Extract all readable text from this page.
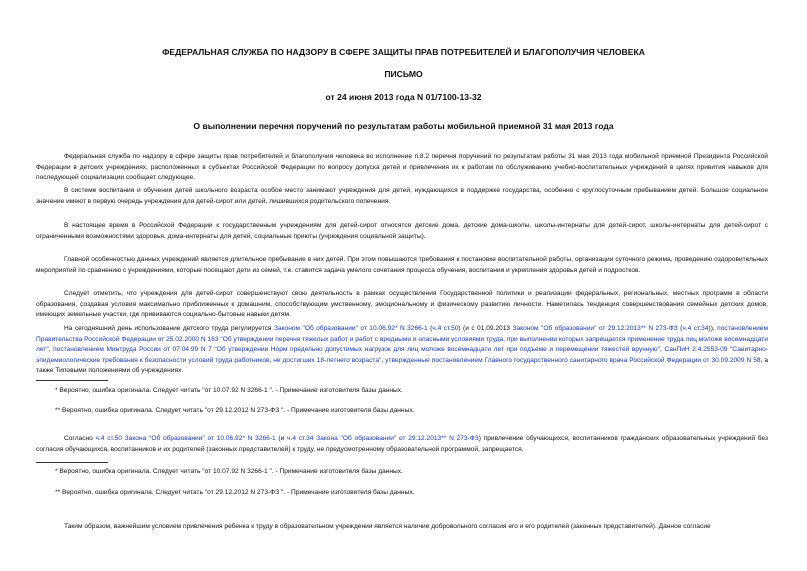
ФЕДЕРАЛЬНАЯ СЛУЖБА ПО НАДЗОРУ В СФЕРЕ ЗАЩИТЫ ПРАВ ПОТРЕБИТЕЛЕЙ И БЛАГОПОЛУЧИЯ ЧЕЛОВЕКА
ПИСЬМО
от 24 июня 2013 года N 01/7100-13-32
О выполнении перечня поручений по результатам работы мобильной приемной 31 мая 2013 года

Федеральная служба по надзору в сфере защиты прав потребителей и благополучия человека во исполнение п.8.2 перечня поручений по результатам работы 31 мая 2013 года мобильной приемной Президента Российской Федерации в детских учреждениях, расположенных в субъектах Российской Федерации по вопросу допуска детей и привлечения их к работам по обслуживанию учебно-воспитательных учреждений в целях привития навыков для последующей социализации сообщает следующее.

В системе воспитания и обучения детей школьного возраста особое место занимают учреждения для детей, нуждающихся в поддержке государства, особенно с круглосуточным пребыванием детей. Большое социальное значение имеют в первую очередь учреждения для детей-сирот или детей, лишившихся родительского попечения.

В настоящее время в Российской Федерации к государственным учреждениям для детей-сирот относятся детские дома, детские дома-школы, школы-интернаты для детей-сирот, школы-интернаты для детей-сирот с ограниченными возможностями здоровья, дома-интернаты для детей, социальные приюты (учреждения социальной защиты).

Главной особенностью данных учреждений является длительное пребывание в них детей. При этом повышаются требования к постановке воспитательной работы, организации суточного режима, проведению оздоровительных мероприятий по сравнению с учреждениями, которые посещают дети из семей, т.е. ставится задача умелого сочетания процесса обучения, воспитания и укрепления здоровья детей и подростков.

Следует отметить, что учреждения для детей-сирот совершенствуют свою деятельность в рамках осуществления Государственной политики и реализации федеральных, региональных, местных программ в области образования, создавая условия максимально приближенных к домашним, способствующим умственному, эмоциональному и физическому развитию личности. Наметилась тенденция совершенствования семейных детских домов, имеющих земельные участки, где прививаются социально-бытовые навыки детям.

На сегодняшний день использование детского труда регулируется Законом "Об образовании" от 10.06.92* N 3266-1 (ч.4 ст.50) (и с 01.09.2013 Законом "Об образовании" от 29.12.2013** N 273-ФЗ (ч.4 ст.34)), постановлением Правительства Российской Федерации от 25.02.2000 N 163 "Об утверждении перечня тяжелых работ и работ с вредными и опасными условиями труда, при выполнении которых запрещается применение труда лиц моложе восемнадцати лет", постановлением Минтруда России от 07.04.99 N 7 "Об утверждении Норм предельно допустимых нагрузок для лиц моложе восемнадцати лет при подъеме и перемещении тяжестей вручную", СанПиН 2.4.2553-09 "Санитарно-эпидемиологические требования к безопасности условий труда работников, не достигших 18-летнего возраста", утвержденные постановлением Главного государственного санитарного врача Российской Федерации от 30.09.2009 N 58, а также Типовыми положениями об учреждениях.

* Вероятно, ошибка оригинала. Следует читать "от 10.07.92 N 3266-1 ". - Примечание изготовителя базы данных.

** Вероятно, ошибка оригинала. Следует читать "от 29.12.2012 N 273-ФЗ ". - Примечание изготовителя базы данных.

Согласно ч.4 ст.50 Закона "Об образовании" от 10.06.92* N 3266-1 (и ч.4 ст.34 Закона "Об образовании" от 29.12.2013** N 273-ФЗ) привлечение обучающихся, воспитанников гражданских образовательных учреждений без согласия обучающихся, воспитанников и их родителей (законных представителей) к труду, не предусмотренному образовательной программой, запрещается.

* Вероятно, ошибка оригинала. Следует читать "от 10.07.92 N 3266-1 ". - Примечание изготовителя базы данных.

** Вероятно, ошибка оригинала. Следует читать "от 29.12.2012 N 273-ФЗ ". - Примечание изготовителя базы данных.

Таким образом, важнейшим условием привлечения ребенка к труду в образовательном учреждении является наличие добровольного согласия его и его родителей (законных представителей). Данное согласие
